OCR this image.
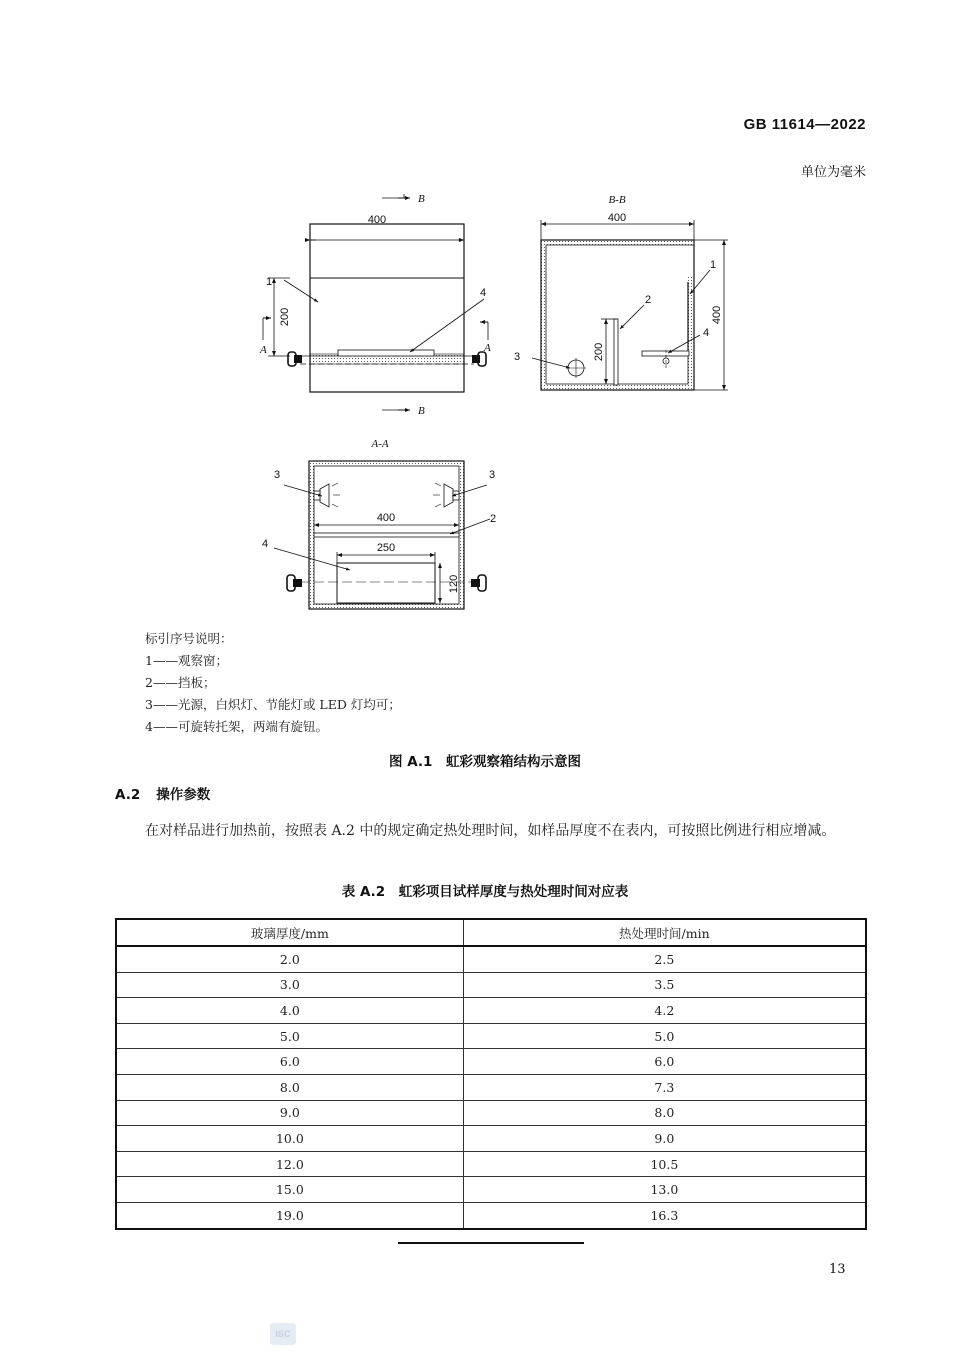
GB 11614—2022
单位为毫米
200
400
1
4
A	A
B
B
B-B
400
200
400
1
2
3
4
A-A
400
250
120
3	3
2
4
标引序号说明：
1——观察窗；
2——挡板；
3——光源，白炽灯、节能灯或 LED 灯均可；
4——可旋转托架，两端有旋钮。
图 A.1　虹彩观察箱结构示意图
A.2 操作参数
在对样品进行加热前，按照表 A.2 中的规定确定热处理时间，如样品厚度不在表内，可按照比例进行相应增减。
表 A.2　虹彩项目试样厚度与热处理时间对应表
玻璃厚度/mm	热处理时间/min
2.0	2.5
3.0	3.5
4.0	4.2
5.0	5.0
6.0	6.0
8.0	7.3
9.0	8.0
10.0	9.0
12.0	10.5
15.0	13.0
19.0	16.3
13
ISC
